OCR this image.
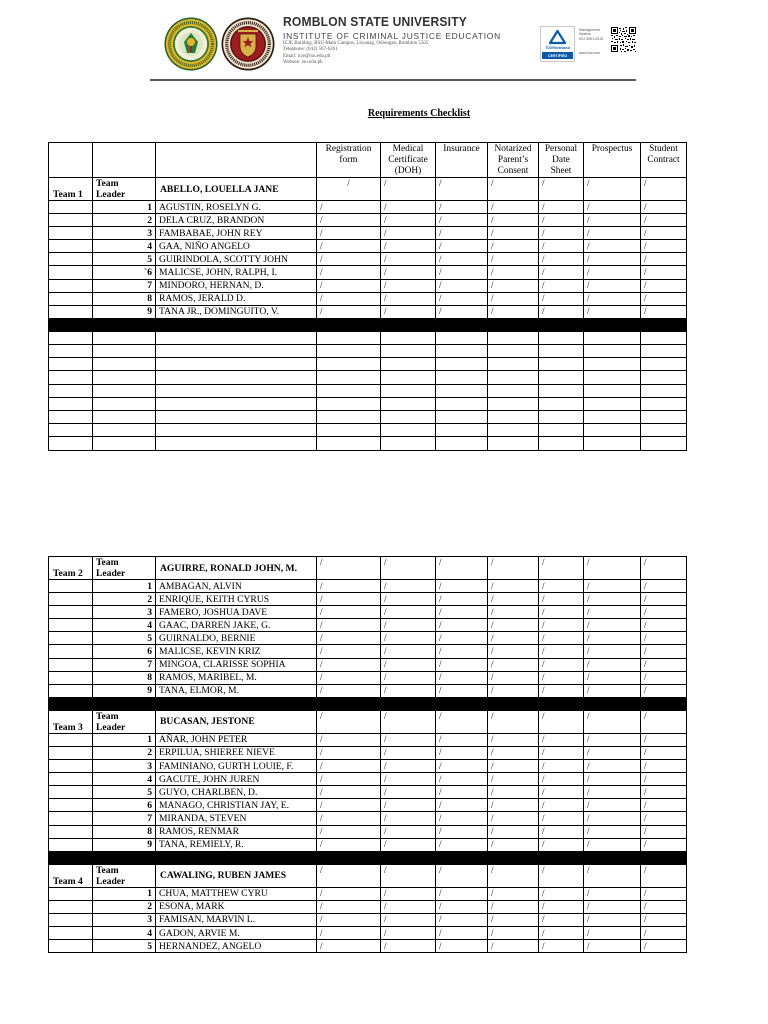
ROMBLON STATE UNIVERSITY
INSTITUTE OF CRIMINAL JUSTICE EDUCATION
ICJE Building, RSU-Main Campus, Liwanag, Odiongan, Romblon 5505
Telephone: (042) 567-6261
Email: icje@rsu.edu.ph
Website: rsu.edu.ph
TÜVRheinland
CERTIFIED
Management
System
ISO 9001:2015
www.tuv.com
Requirements Checklist
			Registration form	Medical Certificate (DOH)	Insurance	Notarized Parent’s Consent	Personal Date Sheet	Prospectus	Student Contract
Team 1	Team Leader	ABELLO, LOUELLA JANE	/	/	/	/	/	/	/
	1	AGUSTIN, ROSELYN G.	/	/	/	/	/	/	/
	2	DELA CRUZ, BRANDON	/	/	/	/	/	/	/
	3	FAMBABAE, JOHN REY	/	/	/	/	/	/	/
	4	GAA, NIÑO ANGELO	/	/	/	/	/	/	/
	5	GUIRINDOLA, SCOTTY JOHN	/	/	/	/	/	/	/
	`6	MALICSE, JOHN, RALPH, I.	/	/	/	/	/	/	/
	7	MINDORO, HERNAN, D.	/	/	/	/	/	/	/
	8	RAMOS, JERALD D.	/	/	/	/	/	/	/
	9	TANA JR., DOMINGUITO, V.	/	/	/	/	/	/	/

Team 2	Team Leader	AGUIRRE, RONALD JOHN, M.	/	/	/	/	/	/	/
	1	AMBAGAN, ALVIN	/	/	/	/	/	/	/
	2	ENRIQUE, KEITH CYRUS	/	/	/	/	/	/	/
	3	FAMERO, JOSHUA DAVE	/	/	/	/	/	/	/
	4	GAAC, DARREN JAKE, G.	/	/	/	/	/	/	/
	5	GUIRNALDO, BERNIE	/	/	/	/	/	/	/
	6	MALICSE, KEVIN KRIZ	/	/	/	/	/	/	/
	7	MINGOA, CLARISSE SOPHIA	/	/	/	/	/	/	/
	8	RAMOS, MARIBEL, M.	/	/	/	/	/	/	/
	9	TANA, ELMOR, M.	/	/	/	/	/	/	/

Team 3	Team Leader	BUCASAN, JESTONE	/	/	/	/	/	/	/
	1	AÑAR, JOHN PETER	/	/	/	/	/	/	/
	2	ERPILUA, SHIEREE NIEVE	/	/	/	/	/	/	/
	3	FAMINIANO, GURTH LOUIE, F.	/	/	/	/	/	/	/
	4	GACUTE, JOHN JUREN	/	/	/	/	/	/	/
	5	GUYO, CHARLBEN, D.	/	/	/	/	/	/	/
	6	MANAGO, CHRISTIAN JAY, E.	/	/	/	/	/	/	/
	7	MIRANDA, STEVEN	/	/	/	/	/	/	/
	8	RAMOS, RENMAR	/	/	/	/	/	/	/
	9	TANA, REMIELY, R.	/	/	/	/	/	/	/

Team 4	Team Leader	CAWALING, RUBEN JAMES	/	/	/	/	/	/	/
	1	CHUA, MATTHEW CYRU	/	/	/	/	/	/	/
	2	ESONA, MARK	/	/	/	/	/	/	/
	3	FAMISAN, MARVIN L.	/	/	/	/	/	/	/
	4	GADON, ARVIE M.	/	/	/	/	/	/	/
	5	HERNANDEZ, ANGELO	/	/	/	/	/	/	/
